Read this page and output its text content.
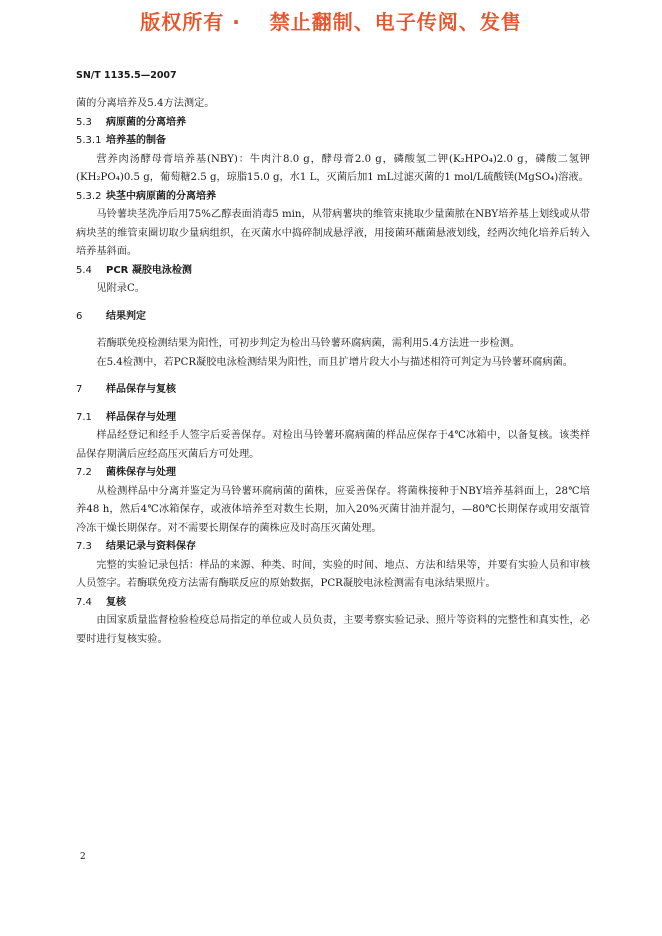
版权所有 ·　 禁止翻制、电子传阅、发售
SN/T 1135.5—2007

菌的分离培养及5.4方法测定。

5.3 病原菌的分离培养

5.3.1 培养基的制备

营养肉汤酵母膏培养基(NBY)：牛肉汁8.0 g，酵母膏2.0 g，磷酸氢二钾(K₂HPO₄)2.0 g，磷酸二氢钾(KH₂PO₄)0.5 g，葡萄糖2.5 g，琼脂15.0 g，水1 L，灭菌后加1 mL过滤灭菌的1 mol/L硫酸镁(MgSO₄)溶液。

5.3.2 块茎中病原菌的分离培养

马铃薯块茎洗净后用75%乙醇表面消毒5 min，从带病薯块的维管束挑取少量菌脓在NBY培养基上划线或从带病块茎的维管束圈切取少量病组织，在灭菌水中捣碎制成悬浮液，用接菌环蘸菌悬液划线，经两次纯化培养后转入培养基斜面。

5.4 PCR 凝胶电泳检测

见附录C。

6 结果判定

若酶联免疫检测结果为阳性，可初步判定为检出马铃薯环腐病菌，需利用5.4方法进一步检测。

在5.4检测中，若PCR凝胶电泳检测结果为阳性，而且扩增片段大小与描述相符可判定为马铃薯环腐病菌。

7 样品保存与复核

7.1 样品保存与处理

样品经登记和经手人签字后妥善保存。对检出马铃薯环腐病菌的样品应保存于4℃冰箱中，以备复核。该类样品保存期满后应经高压灭菌后方可处理。

7.2 菌株保存与处理

从检测样品中分离并鉴定为马铃薯环腐病菌的菌株，应妥善保存。将菌株接种于NBY培养基斜面上，28℃培养48 h，然后4℃冰箱保存，或液体培养至对数生长期，加入20%灭菌甘油并混匀，—80℃长期保存或用安瓿管冷冻干燥长期保存。对不需要长期保存的菌株应及时高压灭菌处理。

7.3 结果记录与资料保存

完整的实验记录包括：样品的来源、种类、时间，实验的时间、地点、方法和结果等，并要有实验人员和审核人员签字。若酶联免疫方法需有酶联反应的原始数据，PCR凝胶电泳检测需有电泳结果照片。

7.4 复核

由国家质量监督检验检疫总局指定的单位或人员负责，主要考察实验记录、照片等资料的完整性和真实性，必要时进行复核实验。

2
